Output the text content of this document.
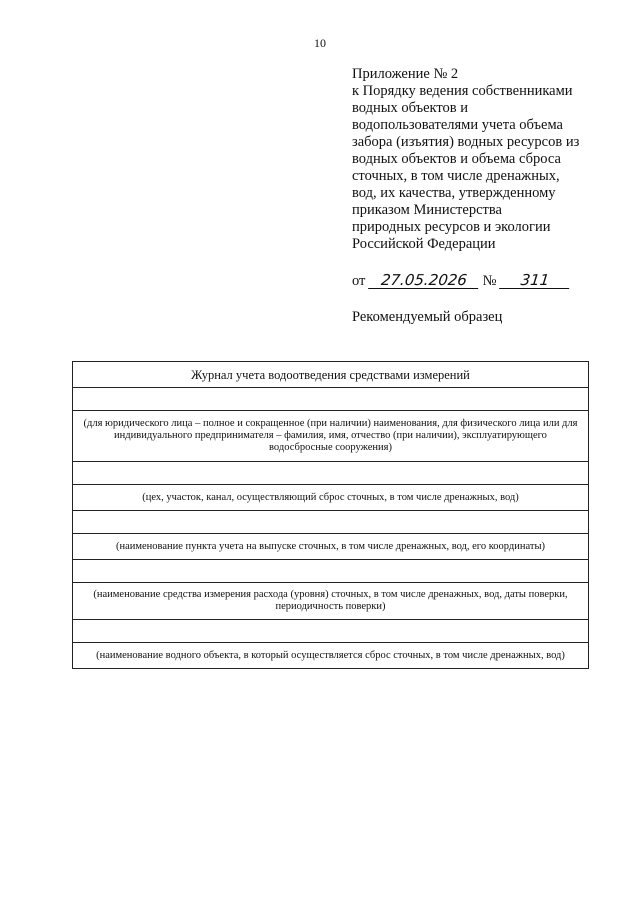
10
Приложение № 2
к Порядку ведения собственниками
водных объектов и
водопользователями учета объема
забора (изъятия) водных ресурсов из
водных объектов и объема сброса
сточных, в том числе дренажных,
вод, их качества, утвержденному
приказом Министерства
природных ресурсов и экологии
Российской Федерации
от 27.05.2026 № 311
Рекомендуемый образец
Журнал учета водоотведения средствами измерений

(для юридического лица – полное и сокращенное (при наличии) наименования, для физического лица или для индивидуального предпринимателя – фамилия, имя, отчество (при наличии), эксплуатирующего водосбросные сооружения)

(цех, участок, канал, осуществляющий сброс сточных, в том числе дренажных, вод)

(наименование пункта учета на выпуске сточных, в том числе дренажных, вод, его координаты)

(наименование средства измерения расхода (уровня) сточных, в том числе дренажных, вод, даты поверки, периодичность поверки)

(наименование водного объекта, в который осуществляется сброс сточных, в том числе дренажных, вод)
